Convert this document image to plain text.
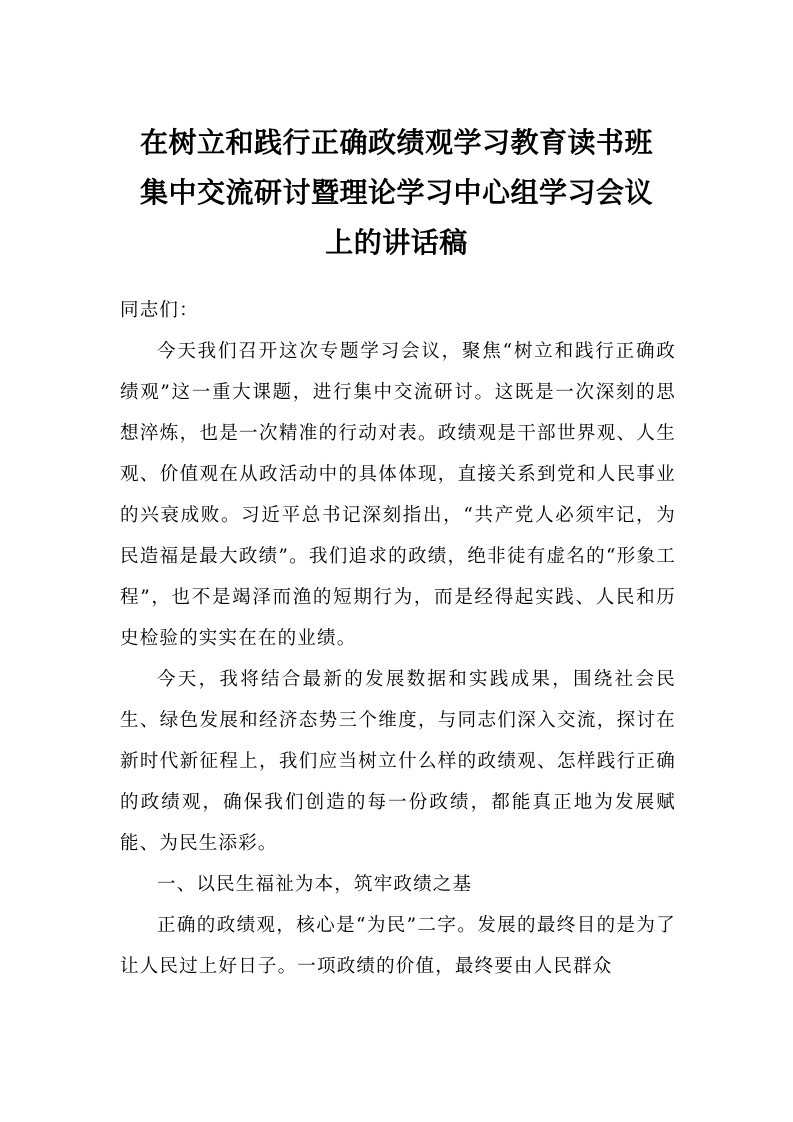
在树立和践行正确政绩观学习教育读书班
集中交流研讨暨理论学习中心组学习会议
上的讲话稿

同志们：

今天我们召开这次专题学习会议，聚焦“树立和践行正确政绩观”这一重大课题，进行集中交流研讨。这既是一次深刻的思想淬炼，也是一次精准的行动对表。政绩观是干部世界观、人生观、价值观在从政活动中的具体体现，直接关系到党和人民事业的兴衰成败。习近平总书记深刻指出，“共产党人必须牢记，为民造福是最大政绩”。我们追求的政绩，绝非徒有虚名的“形象工程”，也不是竭泽而渔的短期行为，而是经得起实践、人民和历史检验的实实在在的业绩。

今天，我将结合最新的发展数据和实践成果，围绕社会民生、绿色发展和经济态势三个维度，与同志们深入交流，探讨在新时代新征程上，我们应当树立什么样的政绩观、怎样践行正确的政绩观，确保我们创造的每一份政绩，都能真正地为发展赋能、为民生添彩。

一、以民生福祉为本，筑牢政绩之基

正确的政绩观，核心是“为民”二字。发展的最终目的是为了让人民过上好日子。一项政绩的价值，最终要由人民群众
